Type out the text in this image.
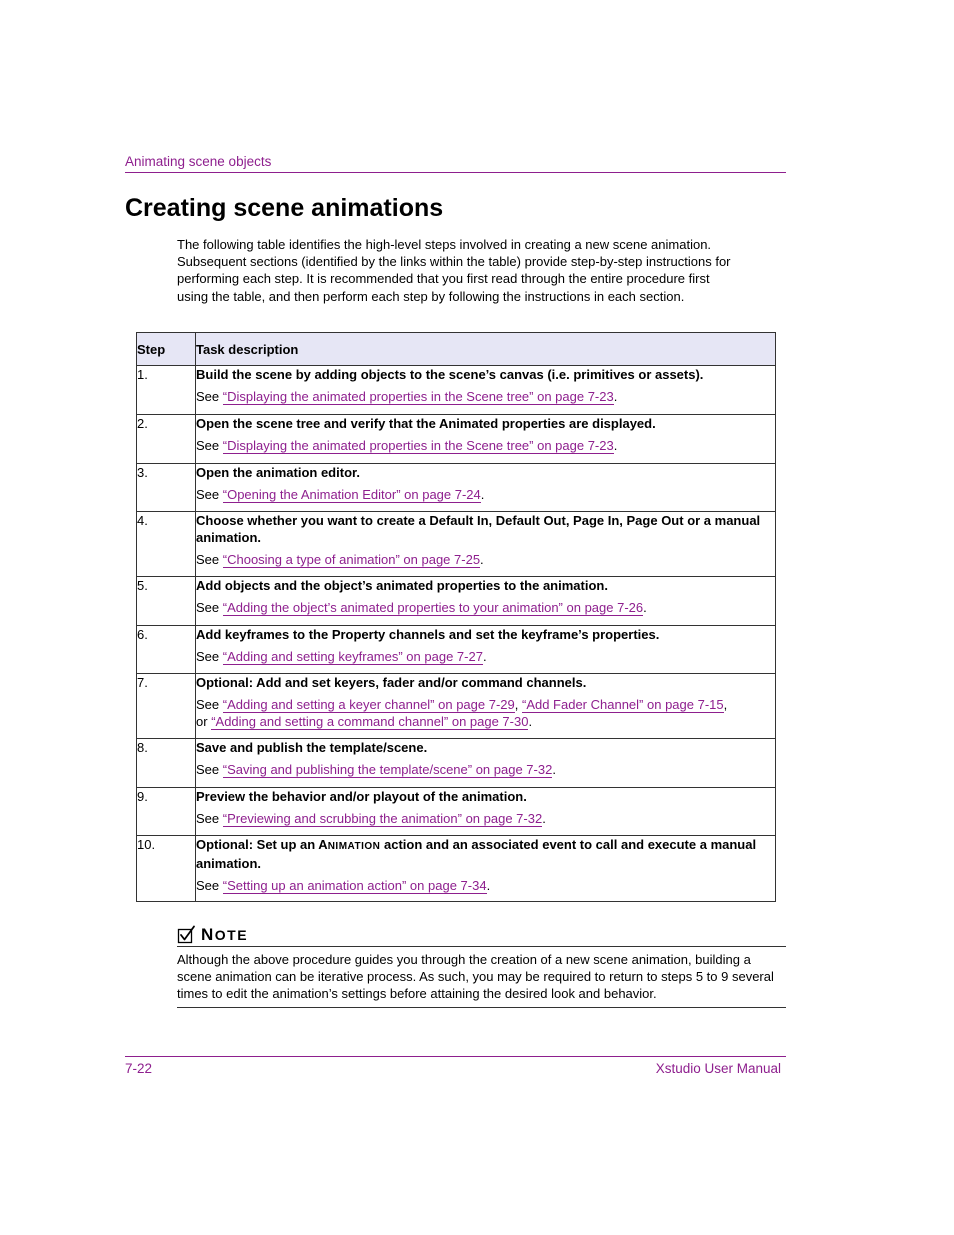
Animating scene objects
Creating scene animations

The following table identifies the high-level steps involved in creating a new scene animation. Subsequent sections (identified by the links within the table) provide step-by-step instructions for performing each step. It is recommended that you first read through the entire procedure first using the table, and then perform each step by following the instructions in each section.

Step	Task description
1.	Build the scene by adding objects to the scene’s canvas (i.e. primitives or assets).
See “Displaying the animated properties in the Scene tree” on page 7-23.

2.	Open the scene tree and verify that the Animated properties are displayed.
See “Displaying the animated properties in the Scene tree” on page 7-23.

3.	Open the animation editor.
See “Opening the Animation Editor” on page 7-24.

4.	Choose whether you want to create a Default In, Default Out, Page In, Page Out or a manual animation.
See “Choosing a type of animation” on page 7-25.

5.	Add objects and the object’s animated properties to the animation.
See “Adding the object’s animated properties to your animation” on page 7-26.

6.	Add keyframes to the Property channels and set the keyframe’s properties.
See “Adding and setting keyframes” on page 7-27.

7.	Optional: Add and set keyers, fader and/or command channels.
See “Adding and setting a keyer channel” on page 7-29, “Add Fader Channel” on page 7-15,
or “Adding and setting a command channel” on page 7-30.

8.	Save and publish the template/scene.
See “Saving and publishing the template/scene” on page 7-32.

9.	Preview the behavior and/or playout of the animation.
See “Previewing and scrubbing the animation” on page 7-32.

10.	Optional: Set up an ANIMATION action and an associated event to call and execute a manual animation.
See “Setting up an animation action” on page 7-34.
N OTE

Although the above procedure guides you through the creation of a new scene animation, building a scene animation can be iterative process. As such, you may be required to return to steps 5 to 9 several times to edit the animation’s settings before attaining the desired look and behavior.

7-22	Xstudio User Manual
